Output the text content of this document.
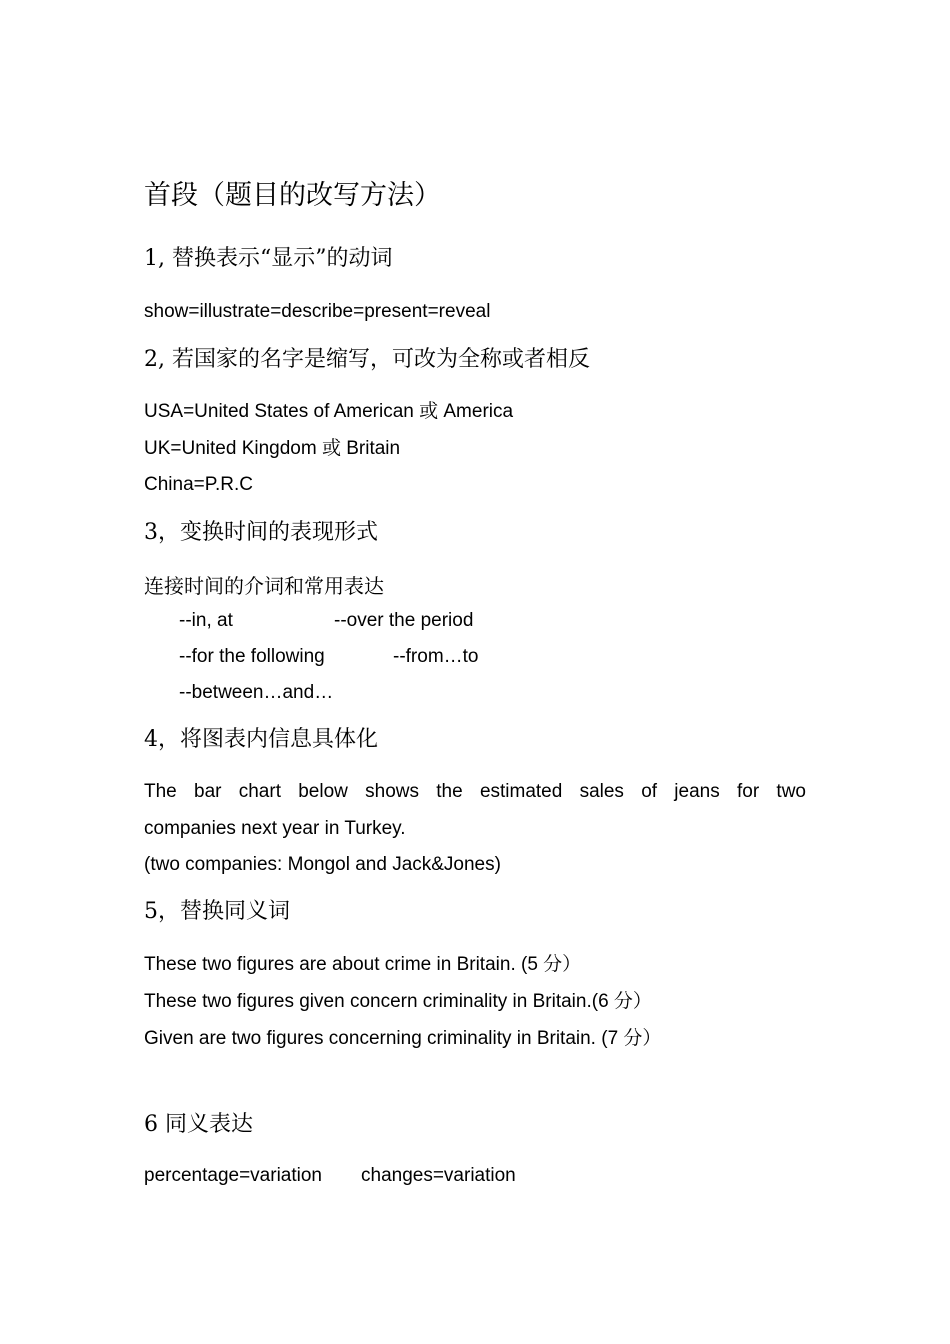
首段（题目的改写方法）
1, 替换表示“显示”的动词
show=illustrate=describe=present=reveal
2, 若国家的名字是缩写，可改为全称或者相反
USA=United States of American 或 America
UK=United Kingdom 或 Britain
China=P.R.C
3，变换时间的表现形式
连接时间的介词和常用表达
--in, at	--over the period
--for the following	--from…to
--between…and…
4，将图表内信息具体化
The bar chart below shows the estimated sales of jeans for two
companies next year in Turkey.
(two companies: Mongol and Jack&Jones)
5，替换同义词
These two figures are about crime in Britain. (5 分）
These two figures given concern criminality in Britain.(6 分）
Given are two figures concerning criminality in Britain. (7 分）
6 同义表达
percentage=variation changes=variation
